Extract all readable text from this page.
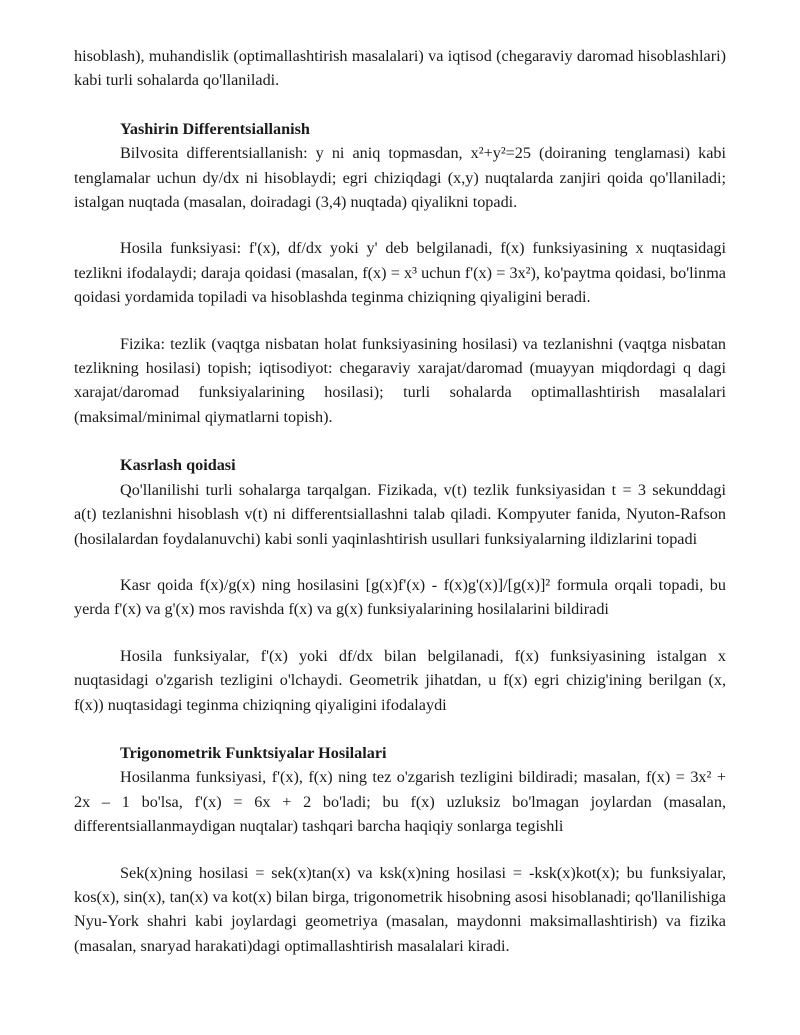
hisoblash), muhandislik (optimallashtirish masalalari) va iqtisod (chegaraviy daromad hisoblashlari) kabi turli sohalarda qo'llaniladi.

Yashirin Differentsiallanish

Bilvosita differentsiallanish: y ni aniq topmasdan, x²+y²=25 (doiraning tenglamasi) kabi tenglamalar uchun dy/dx ni hisoblaydi; egri chiziqdagi (x,y) nuqtalarda zanjiri qoida qo'llaniladi; istalgan nuqtada (masalan, doiradagi (3,4) nuqtada) qiyalikni topadi.

Hosila funksiyasi: f'(x), df/dx yoki y' deb belgilanadi, f(x) funksiyasining x nuqtasidagi tezlikni ifodalaydi; daraja qoidasi (masalan, f(x) = x³ uchun f'(x) = 3x²), ko'paytma qoidasi, bo'linma qoidasi yordamida topiladi va hisoblashda teginma chiziqning qiyaligini beradi.

Fizika: tezlik (vaqtga nisbatan holat funksiyasining hosilasi) va tezlanishni (vaqtga nisbatan tezlikning hosilasi) topish; iqtisodiyot: chegaraviy xarajat/daromad (muayyan miqdordagi q dagi xarajat/daromad funksiyalarining hosilasi); turli sohalarda optimallashtirish masalalari (maksimal/minimal qiymatlarni topish).

Kasrlash qoidasi

Qo'llanilishi turli sohalarga tarqalgan. Fizikada, v(t) tezlik funksiyasidan t = 3 sekunddagi a(t) tezlanishni hisoblash v(t) ni differentsiallashni talab qiladi. Kompyuter fanida, Nyuton-Rafson (hosilalardan foydalanuvchi) kabi sonli yaqinlashtirish usullari funksiyalarning ildizlarini topadi

Kasr qoida f(x)/g(x) ning hosilasini [g(x)f'(x) - f(x)g'(x)]/[g(x)]² formula orqali topadi, bu yerda f'(x) va g'(x) mos ravishda f(x) va g(x) funksiyalarining hosilalarini bildiradi

Hosila funksiyalar, f'(x) yoki df/dx bilan belgilanadi, f(x) funksiyasining istalgan x nuqtasidagi o'zgarish tezligini o'lchaydi. Geometrik jihatdan, u f(x) egri chizig'ining berilgan (x, f(x)) nuqtasidagi teginma chiziqning qiyaligini ifodalaydi

Trigonometrik Funktsiyalar Hosilalari

Hosilanma funksiyasi, f'(x), f(x) ning tez o'zgarish tezligini bildiradi; masalan, f(x) = 3x² + 2x – 1 bo'lsa, f'(x) = 6x + 2 bo'ladi; bu f(x) uzluksiz bo'lmagan joylardan (masalan, differentsiallanmaydigan nuqtalar) tashqari barcha haqiqiy sonlarga tegishli

Sek(x)ning hosilasi = sek(x)tan(x) va ksk(x)ning hosilasi = -ksk(x)kot(x); bu funksiyalar, kos(x), sin(x), tan(x) va kot(x) bilan birga, trigonometrik hisobning asosi hisoblanadi; qo'llanilishiga Nyu-York shahri kabi joylardagi geometriya (masalan, maydonni maksimallashtirish) va fizika (masalan, snaryad harakati)dagi optimallashtirish masalalari kiradi.
